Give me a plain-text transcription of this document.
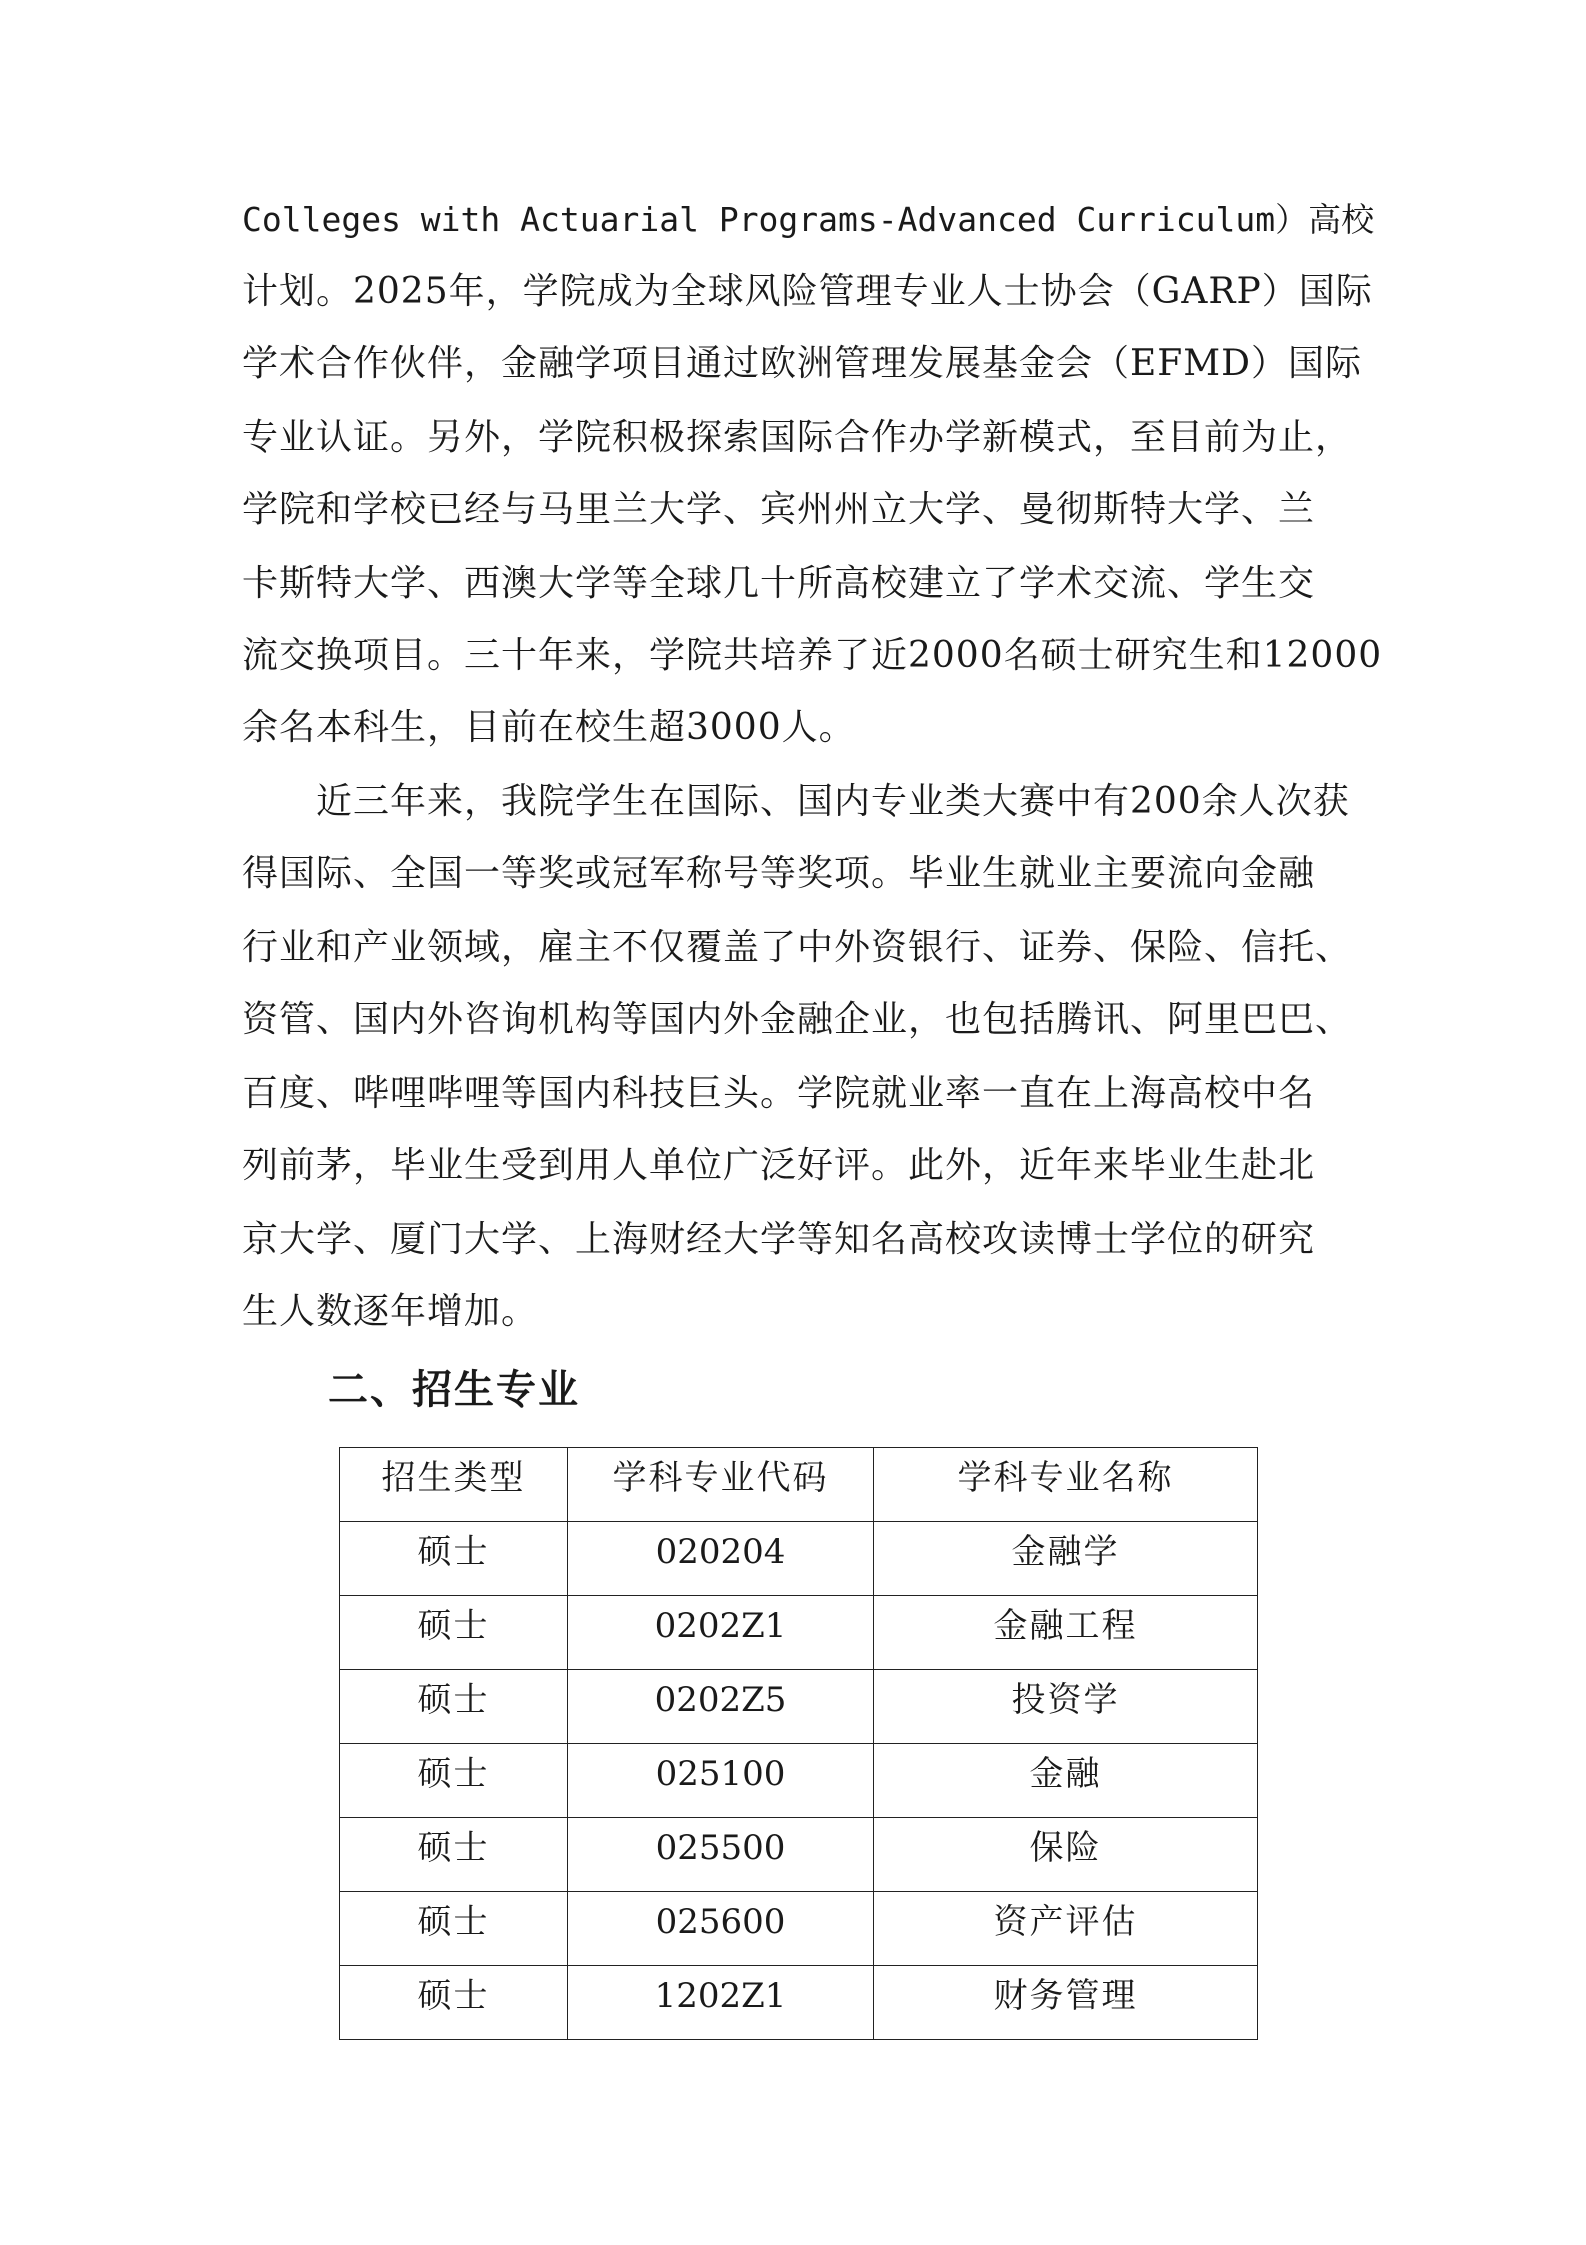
Colleges with Actuarial Programs-Advanced Curriculum）高校
计划。2025年，学院成为全球风险管理专业人士协会（GARP）国际
学术合作伙伴，金融学项目通过欧洲管理发展基金会（EFMD）国际
专业认证。另外，学院积极探索国际合作办学新模式，至目前为止，
学院和学校已经与马里兰大学、宾州州立大学、曼彻斯特大学、兰
卡斯特大学、西澳大学等全球几十所高校建立了学术交流、学生交
流交换项目。三十年来，学院共培养了近2000名硕士研究生和12000
余名本科生，目前在校生超3000人。
近三年来，我院学生在国际、国内专业类大赛中有200余人次获
得国际、全国一等奖或冠军称号等奖项。毕业生就业主要流向金融
行业和产业领域，雇主不仅覆盖了中外资银行、证券、保险、信托、
资管、国内外咨询机构等国内外金融企业，也包括腾讯、阿里巴巴、
百度、哔哩哔哩等国内科技巨头。学院就业率一直在上海高校中名
列前茅，毕业生受到用人单位广泛好评。此外，近年来毕业生赴北
京大学、厦门大学、上海财经大学等知名高校攻读博士学位的研究
生人数逐年增加。
二、招生专业
招生类型	学科专业代码	学科专业名称
硕士	020204	金融学
硕士	0202Z1	金融工程
硕士	0202Z5	投资学
硕士	025100	金融
硕士	025500	保险
硕士	025600	资产评估
硕士	1202Z1	财务管理
